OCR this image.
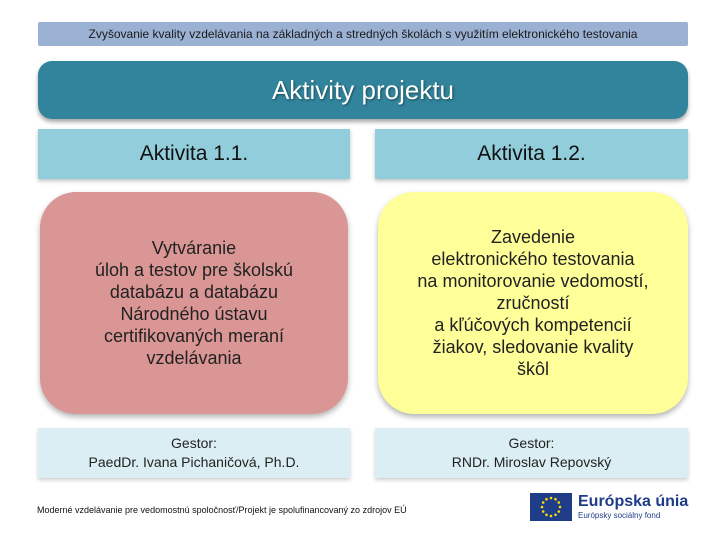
Zvyšovanie kvality vzdelávania na základných a stredných školách s využitím elektronického testovania
Aktivity projektu
Aktivita 1.1.	Aktivita 1.2.
Vytváranie
úloh a testov pre školskú
databázu a databázu
Národného ústavu
certifikovaných meraní
vzdelávania
Zavedenie
elektronického testovania
na monitorovanie vedomostí,
zručností
a kľúčových kompetencií
žiakov, sledovanie kvality
škôl
Gestor:
PaedDr. Ivana Pichaničová, Ph.D.
Gestor:
RNDr. Miroslav Repovský
Moderné vzdelávanie pre vedomostnú spoločnosť/Projekt je spolufinancovaný zo zdrojov EÚ	Európska únia
Európsky sociálny fond
